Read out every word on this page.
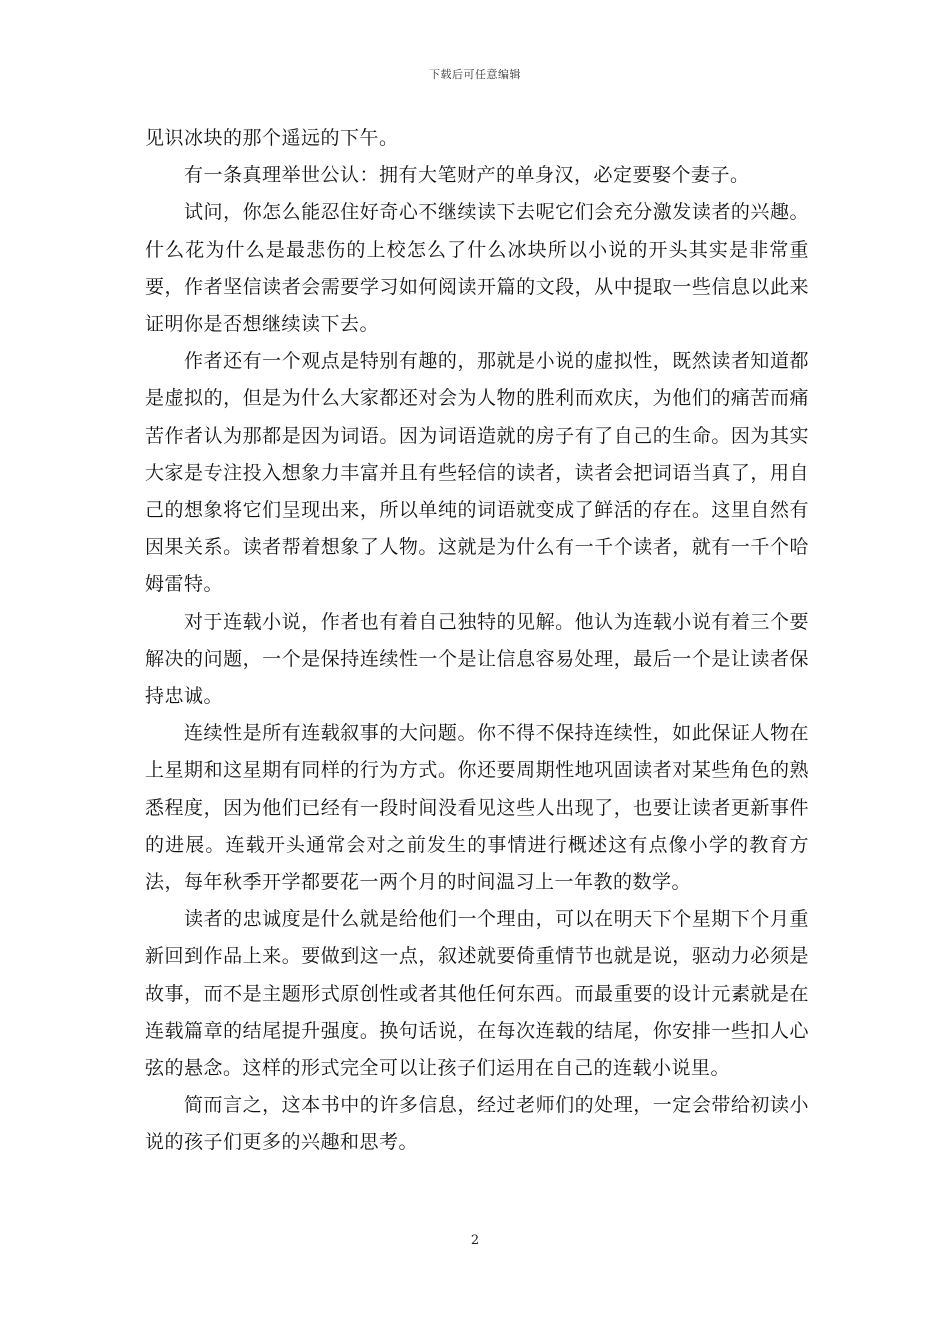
下载后可任意编辑

见识冰块的那个遥远的下午。

有一条真理举世公认：拥有大笔财产的单身汉，必定要娶个妻子。

试问，你怎么能忍住好奇心不继续读下去呢它们会充分激发读者的兴趣。什么花为什么是最悲伤的上校怎么了什么冰块所以小说的开头其实是非常重要，作者坚信读者会需要学习如何阅读开篇的文段，从中提取一些信息以此来证明你是否想继续读下去。

作者还有一个观点是特别有趣的，那就是小说的虚拟性，既然读者知道都是虚拟的，但是为什么大家都还对会为人物的胜利而欢庆，为他们的痛苦而痛苦作者认为那都是因为词语。因为词语造就的房子有了自己的生命。因为其实大家是专注投入想象力丰富并且有些轻信的读者，读者会把词语当真了，用自己的想象将它们呈现出来，所以单纯的词语就变成了鲜活的存在。这里自然有因果关系。读者帮着想象了人物。这就是为什么有一千个读者，就有一千个哈姆雷特。

对于连载小说，作者也有着自己独特的见解。他认为连载小说有着三个要解决的问题，一个是保持连续性一个是让信息容易处理，最后一个是让读者保持忠诚。

连续性是所有连载叙事的大问题。你不得不保持连续性，如此保证人物在上星期和这星期有同样的行为方式。你还要周期性地巩固读者对某些角色的熟悉程度，因为他们已经有一段时间没看见这些人出现了，也要让读者更新事件的进展。连载开头通常会对之前发生的事情进行概述这有点像小学的教育方法，每年秋季开学都要花一两个月的时间温习上一年教的数学。

读者的忠诚度是什么就是给他们一个理由，可以在明天下个星期下个月重新回到作品上来。要做到这一点，叙述就要倚重情节也就是说，驱动力必须是故事，而不是主题形式原创性或者其他任何东西。而最重要的设计元素就是在连载篇章的结尾提升强度。换句话说，在每次连载的结尾，你安排一些扣人心弦的悬念。这样的形式完全可以让孩子们运用在自己的连载小说里。

简而言之，这本书中的许多信息，经过老师们的处理，一定会带给初读小说的孩子们更多的兴趣和思考。

2
